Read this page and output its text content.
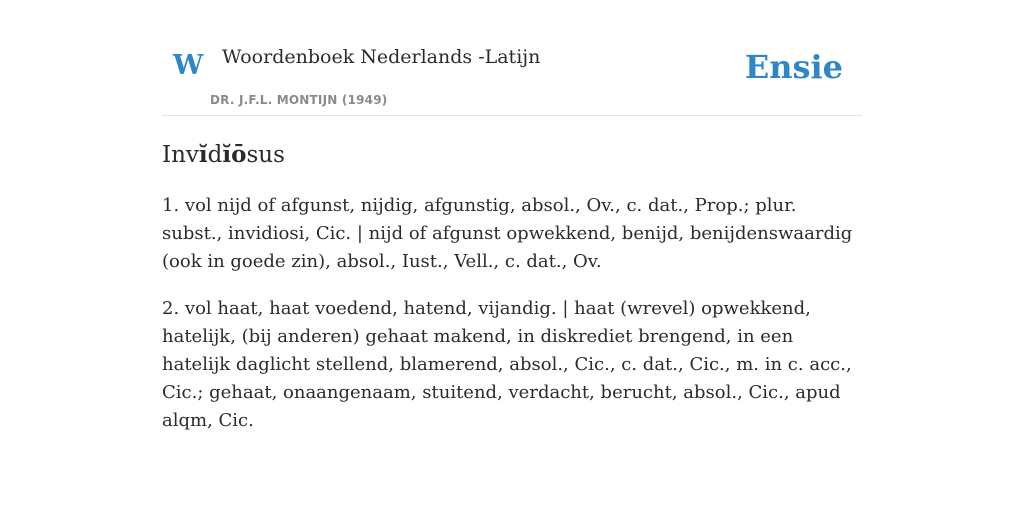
W Woordenboek Nederlands -Latijn
DR. J.F.L. MONTIJN (1949)
Ensie
Invĭdĭōsus

1. vol nijd of afgunst, nijdig, afgunstig, absol., Ov., c. dat., Prop.; plur. subst., invidiosi, Cic. | nijd of afgunst opwekkend, benijd, benijdenswaardig (ook in goede zin), absol., Iust., Vell., c. dat., Ov.

2. vol haat, haat voedend, hatend, vijandig. | haat (wrevel) opwekkend, hatelijk, (bij anderen) gehaat makend, in diskrediet brengend, in een hatelijk daglicht stellend, blamerend, absol., Cic., c. dat., Cic., m. in c. acc., Cic.; gehaat, onaangenaam, stuitend, verdacht, berucht, absol., Cic., apud alqm, Cic.
